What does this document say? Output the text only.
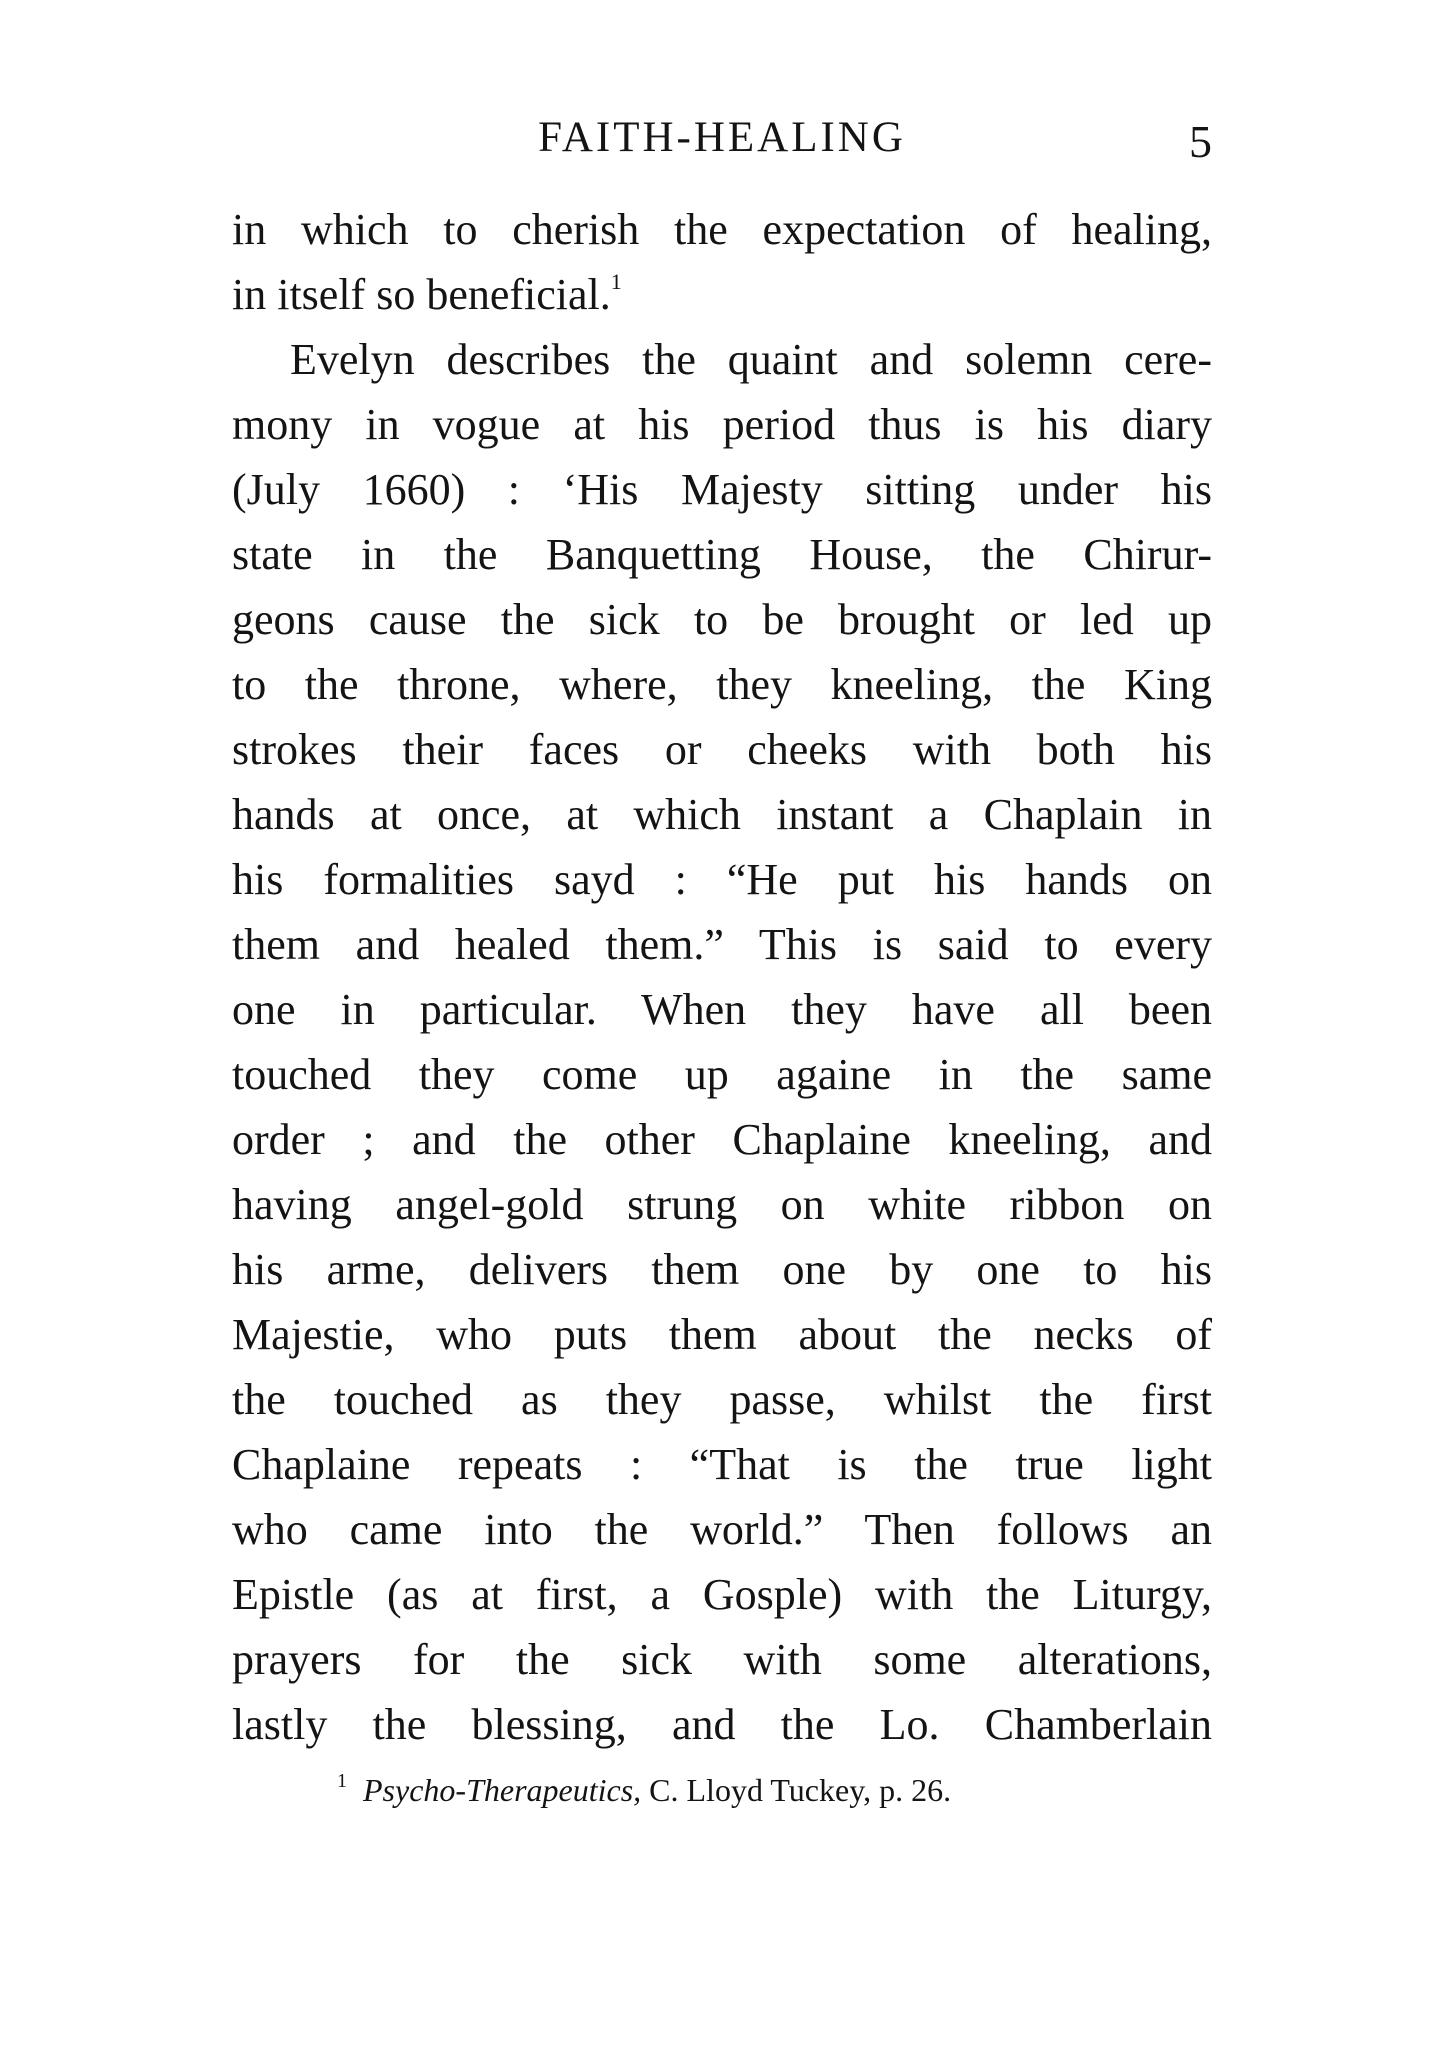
FAITH-HEALING	5
in which to cherish the expectation of healing,
in itself so beneficial.$^1$
Evelyn describes the quaint and solemn cere-
mony in vogue at his period thus is his diary
(July 1660) : ‘His Majesty sitting under his
state in the Banquetting House, the Chirur-
geons cause the sick to be brought or led up
to the throne, where, they kneeling, the King
strokes their faces or cheeks with both his
hands at once, at which instant a Chaplain in
his formalities sayd : “He put his hands on
them and healed them.” This is said to every
one in particular. When they have all been
touched they come up againe in the same
order ; and the other Chaplaine kneeling, and
having angel-gold strung on white ribbon on
his arme, delivers them one by one to his
Majestie, who puts them about the necks of
the touched as they passe, whilst the first
Chaplaine repeats : “That is the true light
who came into the world.” Then follows an
Epistle (as at first, a Gosple) with the Liturgy,
prayers for the sick with some alterations,
lastly the blessing, and the Lo. Chamberlain
$^1$ Psycho-Therapeutics, C. Lloyd Tuckey, p. 26.
